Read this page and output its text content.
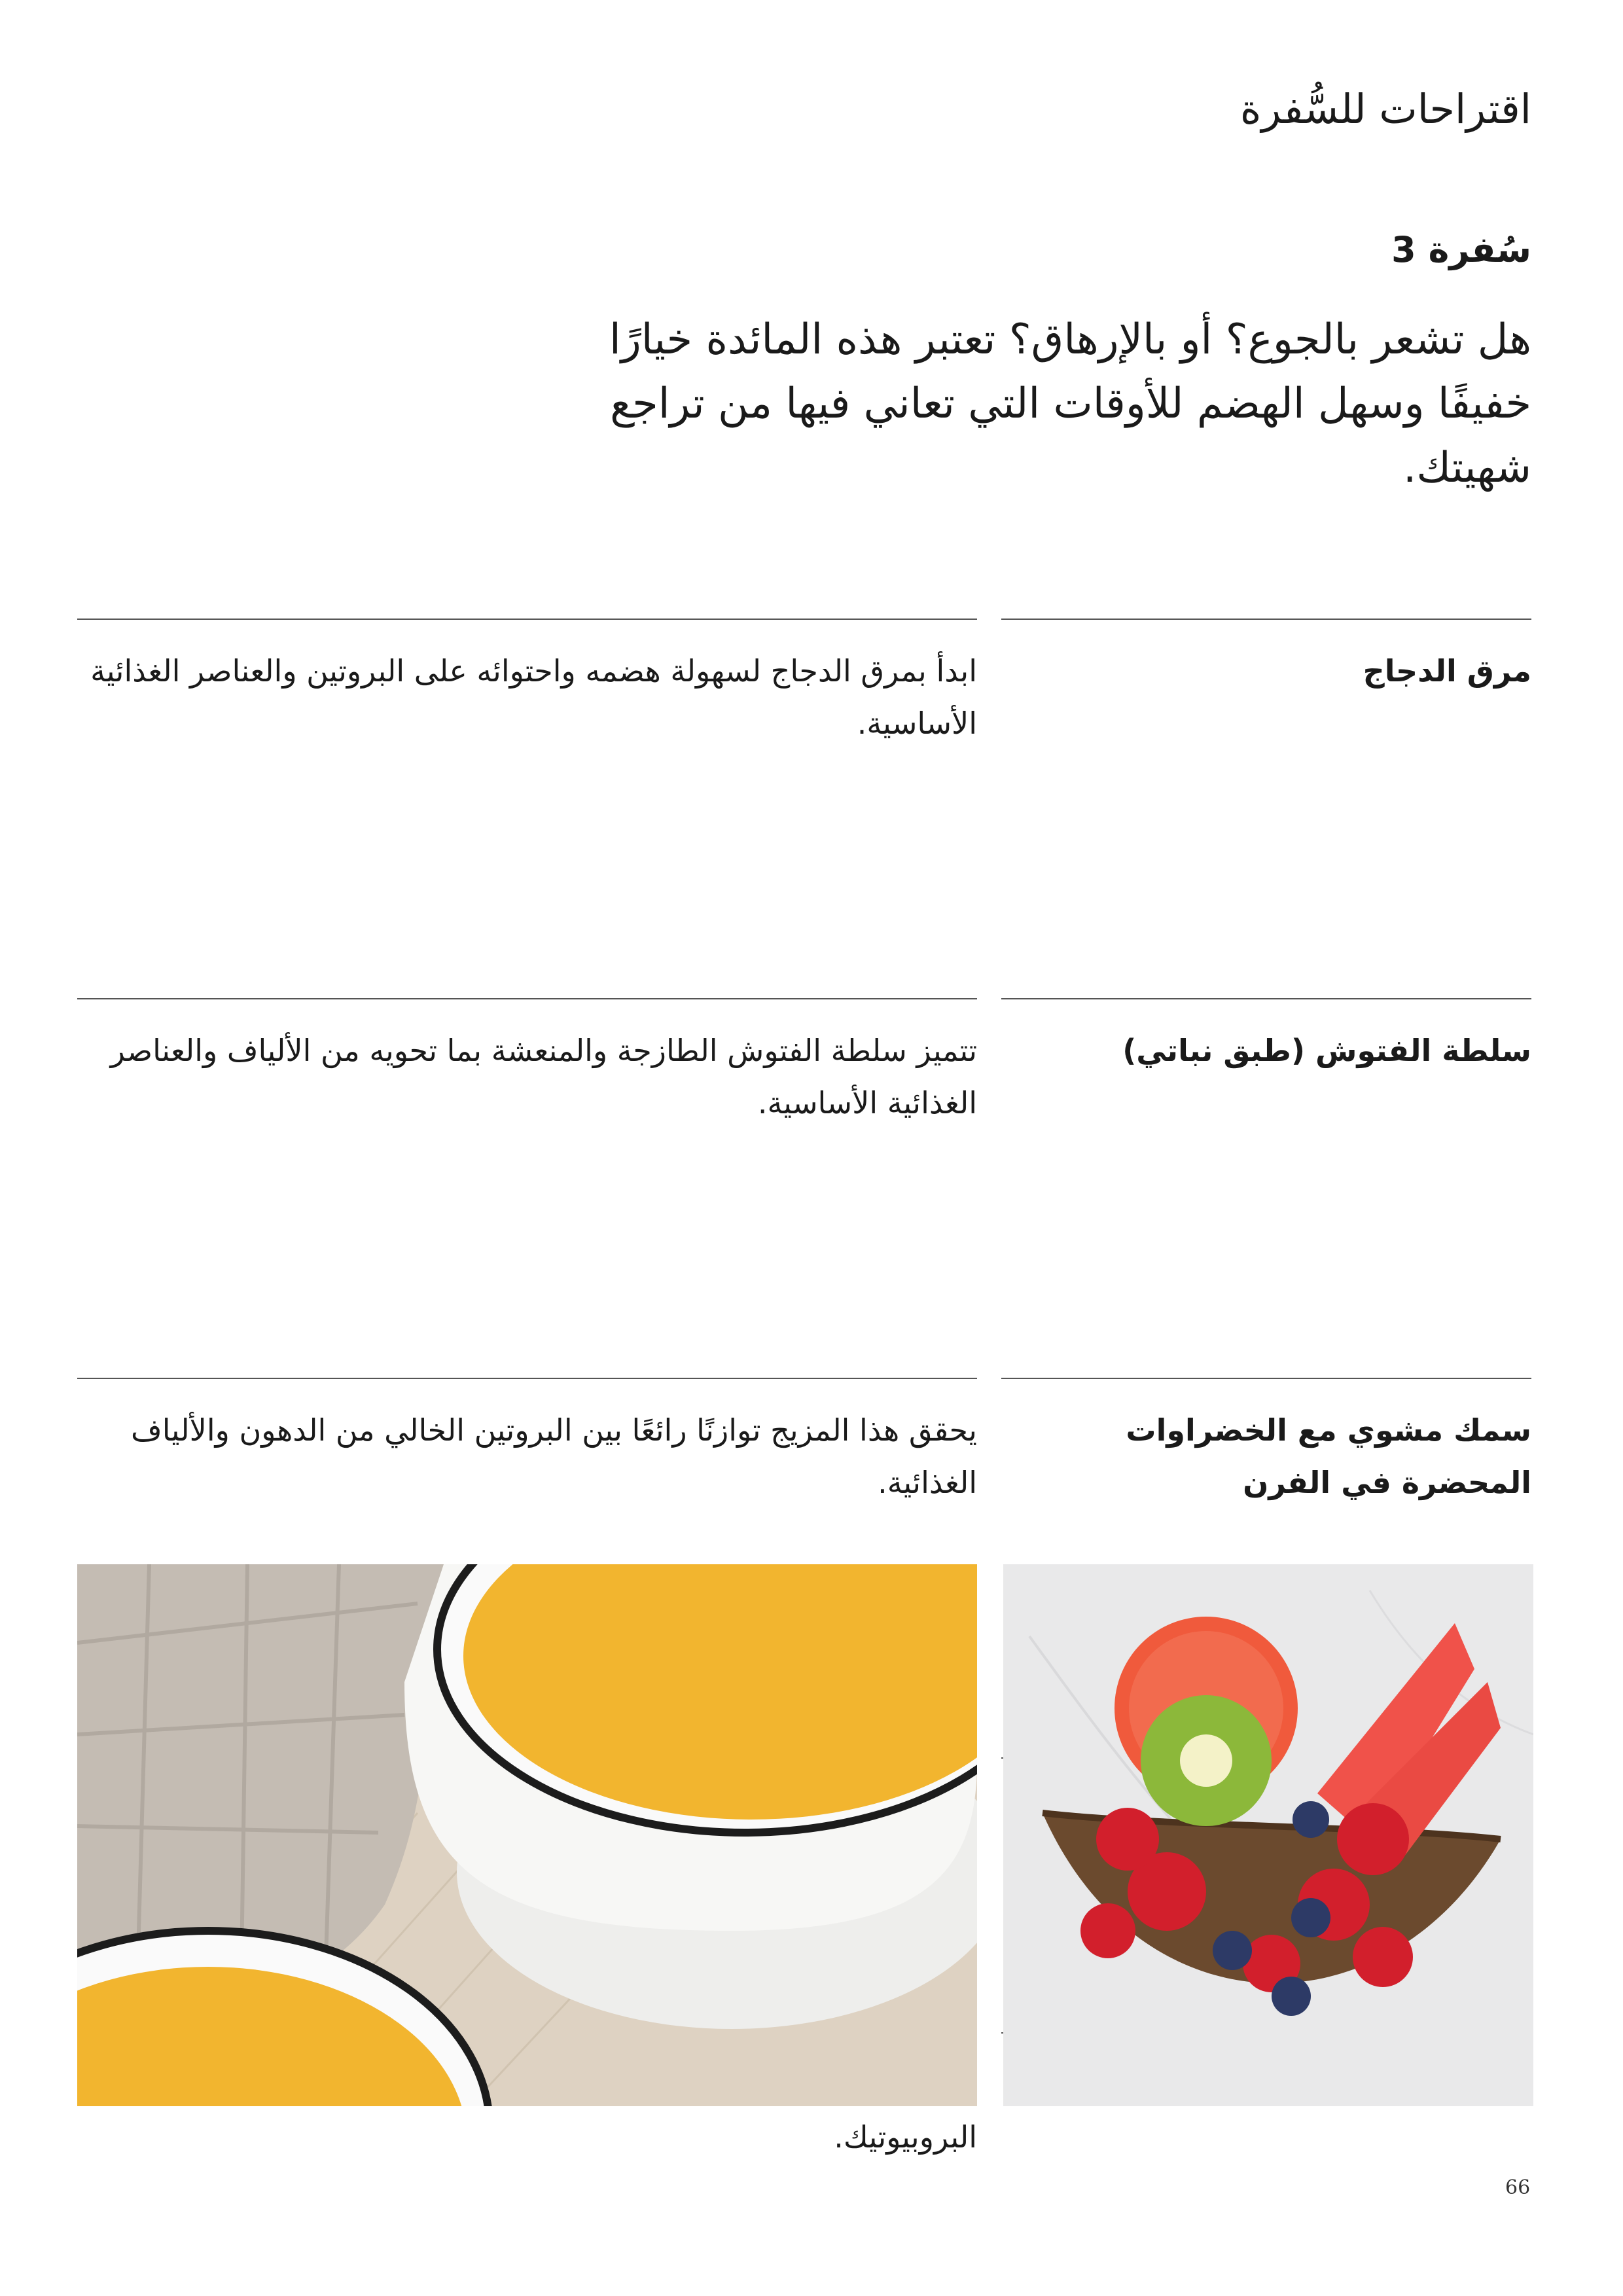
اقتراحات للسُّفرة
سُفرة 3

هل تشعر بالجوع؟ أو بالإرهاق؟ تعتبر هذه المائدة خيارًا خفيفًا وسهل الهضم للأوقات التي تعاني فيها من تراجع شهيتك.

مرق الدجاج

ابدأ بمرق الدجاج لسهولة هضمه واحتوائه على البروتين والعناصر الغذائية الأساسية.

سلطة الفتوش (طبق نباتي)

تتميز سلطة الفتوش الطازجة والمنعشة بما تحويه من الألياف والعناصر الغذائية الأساسية.

سمك مشوي مع الخضراوات المحضرة في الفرن

يحقق هذا المزيج توازنًا رائعًا بين البروتين الخالي من الدهون والألياف الغذائية.

البروبيوتيك.

66
